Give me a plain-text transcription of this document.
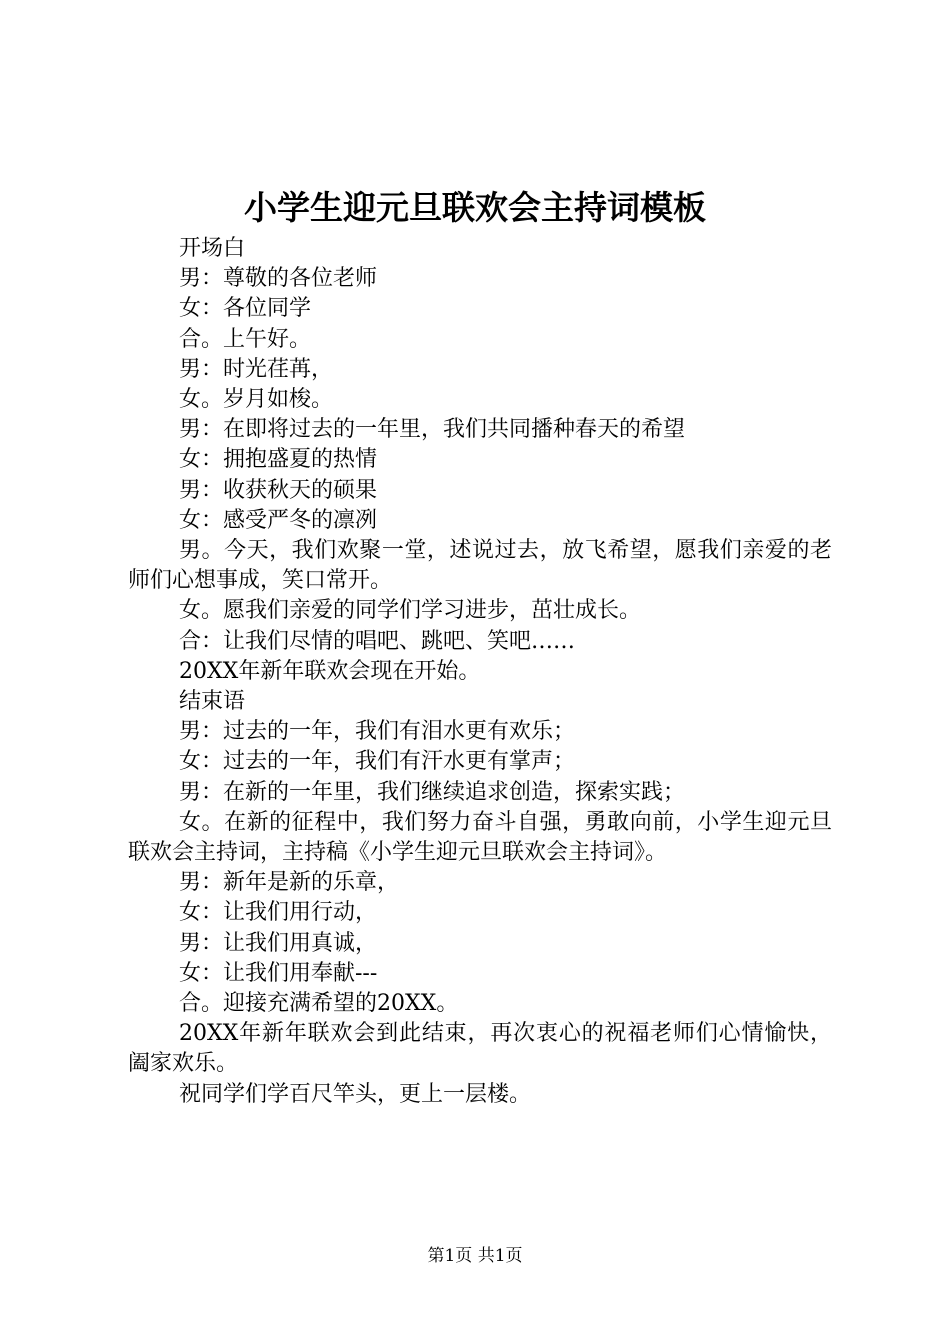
小学生迎元旦联欢会主持词模板

开场白

男：尊敬的各位老师

女：各位同学

合。上午好。

男：时光荏苒，

女。岁月如梭。

男：在即将过去的一年里，我们共同播种春天的希望

女：拥抱盛夏的热情

男：收获秋天的硕果

女：感受严冬的凛冽

男。今天，我们欢聚一堂，述说过去，放飞希望，愿我们亲爱的老师们心想事成，笑口常开。

女。愿我们亲爱的同学们学习进步，茁壮成长。

合：让我们尽情的唱吧、跳吧、笑吧……

20XX年新年联欢会现在开始。

结束语

男：过去的一年，我们有泪水更有欢乐；

女：过去的一年，我们有汗水更有掌声；

男：在新的一年里，我们继续追求创造，探索实践；

女。在新的征程中，我们努力奋斗自强，勇敢向前，小学生迎元旦联欢会主持词，主持稿《小学生迎元旦联欢会主持词》。

男：新年是新的乐章，

女：让我们用行动，

男：让我们用真诚，

女：让我们用奉献---

合。迎接充满希望的20XX。

20XX年新年联欢会到此结束，再次衷心的祝福老师们心情愉快，阖家欢乐。

祝同学们学百尺竿头，更上一层楼。

第1页 共1页
